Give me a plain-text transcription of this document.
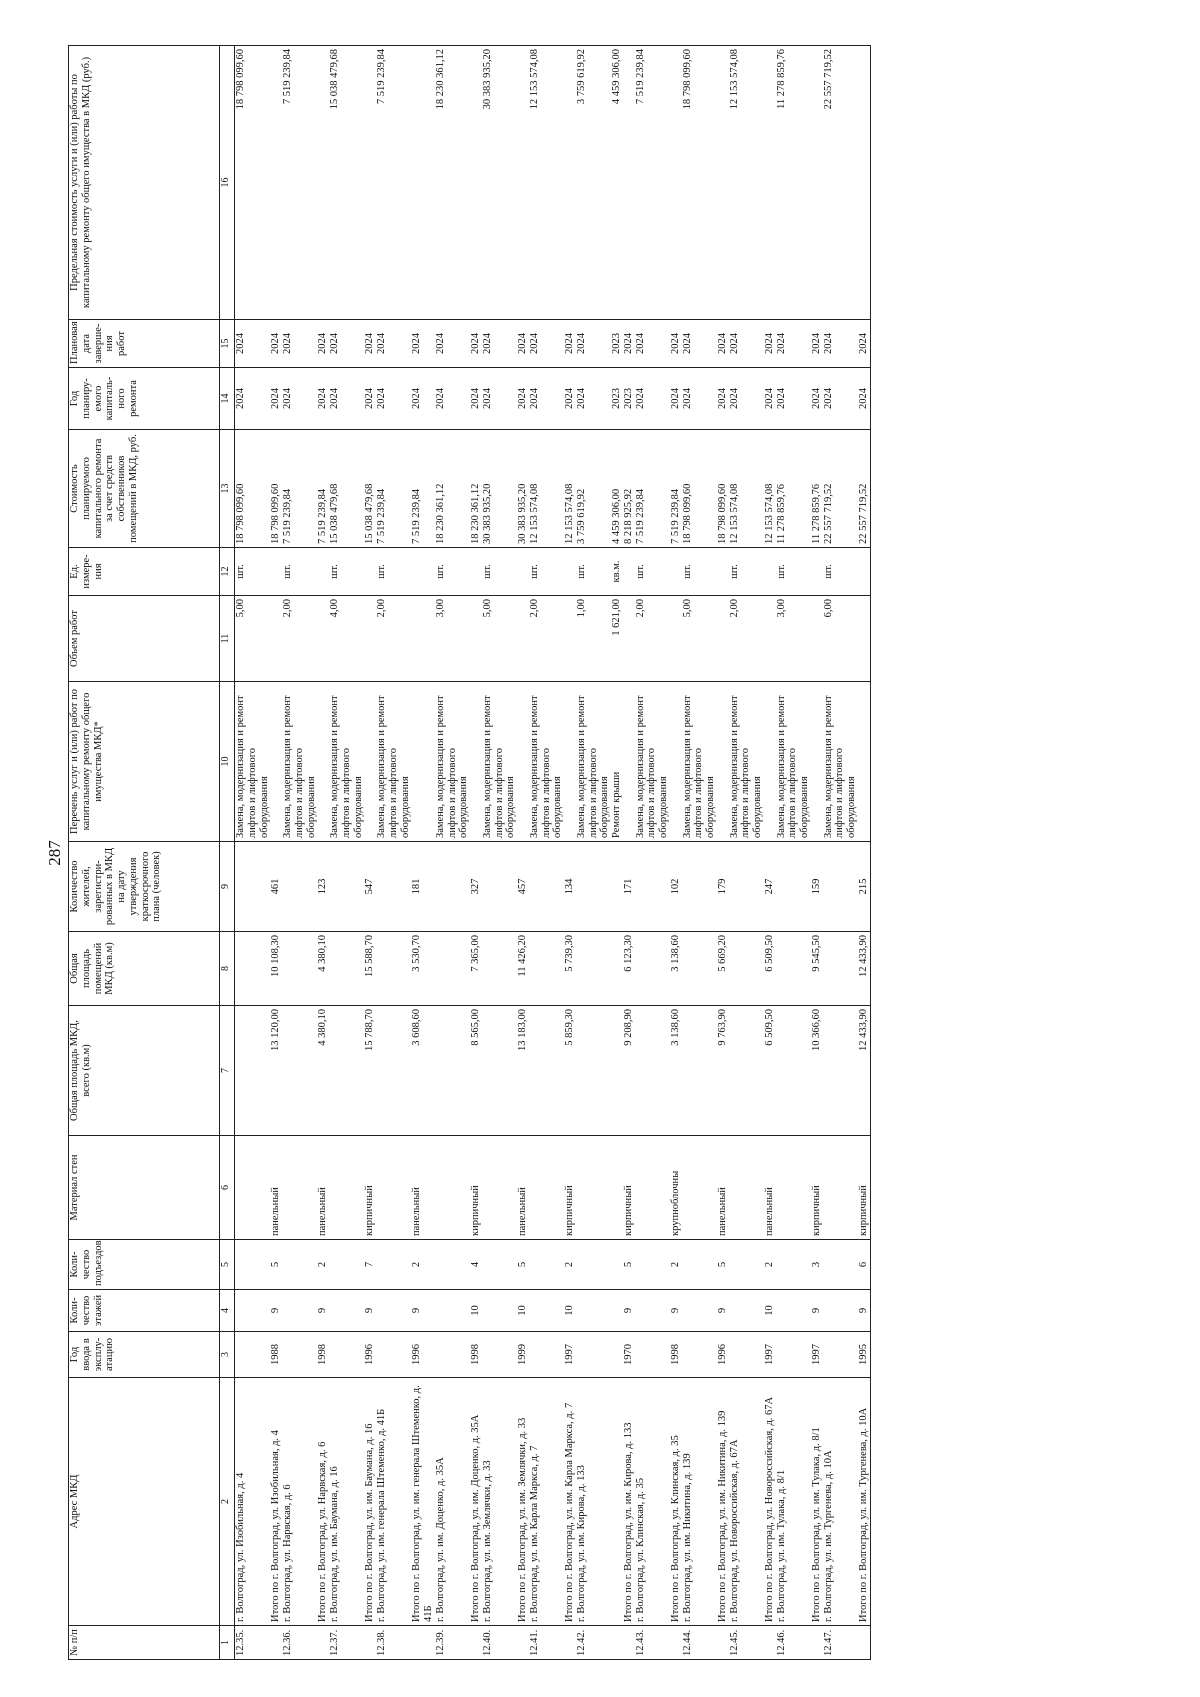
287
№ п/п	Адрес МКД	Год ввода в эксплу-атацию	Коли-чество этажей	Коли-чество подъездов	Материал стен	Общая площадь МКД, всего (кв.м)	Общая площадь помещений МКД (кв.м)	Количество жителей, зарегистри-рованных в МКД на дату утверждения краткосрочного плана (человек)	Перечень услуг и (или) работ по капитальному ремонту общего имущества МКД*	Объем работ	Ед. измере-ния	Стоимость планируемого капитального ремонта за счет средств собственников помещений в МКД, руб.	Год планиру-емого капиталь-ного ремонта	Плановая дата заверше-ния работ	Предельная стоимость услуги и (или) работы по капитальному ремонту общего имущества в МКД (руб.)
1	2	3	4	5	6	7	8	9	10	11	12	13	14	15	16
12.35.	г. Волгоград, ул. Изобильная, д. 4								Замена, модернизация и ремонт лифтов и лифтового оборудования	5,00	шт.	18 798 099,60	2024	2024	18 798 099,60
	Итого по г. Волгоград, ул. Изобильная, д. 4	1988	9	5	панельный	13 120,00	10 108,30	461				18 798 099,60	2024	2024	
12.36.	г. Волгоград, ул. Нарвская, д. 6								Замена, модернизация и ремонт лифтов и лифтового оборудования	2,00	шт.	7 519 239,84	2024	2024	7 519 239,84
	Итого по г. Волгоград, ул. Нарвская, д. 6	1998	9	2	панельный	4 380,10	4 380,10	123				7 519 239,84	2024	2024	
12.37.	г. Волгоград, ул. им. Баумана, д. 16								Замена, модернизация и ремонт лифтов и лифтового оборудования	4,00	шт.	15 038 479,68	2024	2024	15 038 479,68
	Итого по г. Волгоград, ул. им. Баумана, д. 16	1996	9	7	кирпичный	15 788,70	15 588,70	547				15 038 479,68	2024	2024	
12.38.	г. Волгоград, ул. им. генерала Штеменко, д. 41Б								Замена, модернизация и ремонт лифтов и лифтового оборудования	2,00	шт.	7 519 239,84	2024	2024	7 519 239,84
	Итого по г. Волгоград, ул. им. генерала Штеменко, д. 41Б	1996	9	2	панельный	3 608,60	3 530,70	181				7 519 239,84	2024	2024	
12.39.	г. Волгоград, ул. им. Доценко, д. 35А								Замена, модернизация и ремонт лифтов и лифтового оборудования	3,00	шт.	18 230 361,12	2024	2024	18 230 361,12
	Итого по г. Волгоград, ул. им. Доценко, д. 35А	1998	10	4	кирпичный	8 565,00	7 365,00	327				18 230 361,12	2024	2024	
12.40.	г. Волгоград, ул. им. Землячки, д. 33								Замена, модернизация и ремонт лифтов и лифтового оборудования	5,00	шт.	30 383 935,20	2024	2024	30 383 935,20
	Итого по г. Волгоград, ул. им. Землячки, д. 33	1999	10	5	панельный	13 183,00	11 426,20	457				30 383 935,20	2024	2024	
12.41.	г. Волгоград, ул. им. Карла Маркса, д. 7								Замена, модернизация и ремонт лифтов и лифтового оборудования	2,00	шт.	12 153 574,08	2024	2024	12 153 574,08
	Итого по г. Волгоград, ул. им. Карла Маркса, д. 7	1997	10	2	кирпичный	5 859,30	5 739,30	134				12 153 574,08	2024	2024	
12.42.	г. Волгоград, ул. им. Кирова, д. 133								Замена, модернизация и ремонт лифтов и лифтового оборудования	1,00	шт.	3 759 619,92	2024	2024	3 759 619,92
									Ремонт крыши	1 621,00	кв.м.	4 459 306,00	2023	2023	4 459 306,00
	Итого по г. Волгоград, ул. им. Кирова, д. 133	1970	9	5	кирпичный	9 208,90	6 123,30	171				8 218 925,92	2023	2024	
12.43.	г. Волгоград, ул. Клинская, д. 35								Замена, модернизация и ремонт лифтов и лифтового оборудования	2,00	шт.	7 519 239,84	2024	2024	7 519 239,84
	Итого по г. Волгоград, ул. Клинская, д. 35	1998	9	2	крупноблочны	3 138,60	3 138,60	102				7 519 239,84	2024	2024	
12.44.	г. Волгоград, ул. им. Никитина, д. 139								Замена, модернизация и ремонт лифтов и лифтового оборудования	5,00	шт.	18 798 099,60	2024	2024	18 798 099,60
	Итого по г. Волгоград, ул. им. Никитина, д. 139	1996	9	5	панельный	9 763,90	5 669,20	179				18 798 099,60	2024	2024	
12.45.	г. Волгоград, ул. Новороссийская, д. 67А								Замена, модернизация и ремонт лифтов и лифтового оборудования	2,00	шт.	12 153 574,08	2024	2024	12 153 574,08
	Итого по г. Волгоград, ул. Новороссийская, д. 67А	1997	10	2	панельный	6 509,50	6 509,50	247				12 153 574,08	2024	2024	
12.46.	г. Волгоград, ул. им. Тулака, д. 8/1								Замена, модернизация и ремонт лифтов и лифтового оборудования	3,00	шт.	11 278 859,76	2024	2024	11 278 859,76
	Итого по г. Волгоград, ул. им. Тулака, д. 8/1	1997	9	3	кирпичный	10 366,60	9 545,50	159				11 278 859,76	2024	2024	
12.47.	г. Волгоград, ул. им. Тургенева, д. 10А								Замена, модернизация и ремонт лифтов и лифтового оборудования	6,00	шт.	22 557 719,52	2024	2024	22 557 719,52
	Итого по г. Волгоград, ул. им. Тургенева, д. 10А	1995	9	6	кирпичный	12 433,90	12 433,90	215				22 557 719,52	2024	2024	
